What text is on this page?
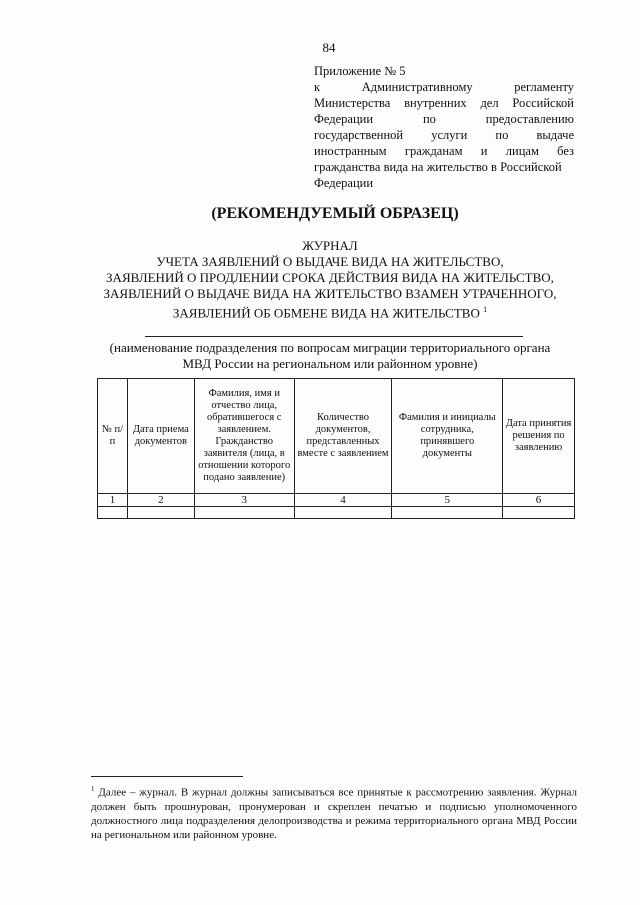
84
Приложение № 5
к Административному регламенту
Министерства внутренних дел Российской
Федерации по предоставлению
государственной услуги по выдаче
иностранным гражданам и лицам без
гражданства вида на жительство в Российской
Федерации
(РЕКОМЕНДУЕМЫЙ ОБРАЗЕЦ)
ЖУРНАЛ
УЧЕТА ЗАЯВЛЕНИЙ О ВЫДАЧЕ ВИДА НА ЖИТЕЛЬСТВО,
ЗАЯВЛЕНИЙ О ПРОДЛЕНИИ СРОКА ДЕЙСТВИЯ ВИДА НА ЖИТЕЛЬСТВО,
ЗАЯВЛЕНИЙ О ВЫДАЧЕ ВИДА НА ЖИТЕЛЬСТВО ВЗАМЕН УТРАЧЕННОГО,
ЗАЯВЛЕНИЙ ОБ ОБМЕНЕ ВИДА НА ЖИТЕЛЬСТВО $^1$
(наименование подразделения по вопросам миграции территориального органа
МВД России на региональном или районном уровне)
№ п/п	Дата приема документов	Фамилия, имя и отчество лица, обратившегося с заявлением. Гражданство заявителя (лица, в отношении которого подано заявление)	Количество документов, представленных вместе с заявлением	Фамилия и инициалы сотрудника, принявшего документы	Дата принятия решения по заявлению
1	2	3	4	5	6

$^1$ Далее – журнал. В журнал должны записываться все принятые к рассмотрению заявления. Журнал должен быть прошнурован, пронумерован и скреплен печатью и подписью уполномоченного должностного лица подразделения делопроизводства и режима территориального органа МВД России на региональном или районном уровне.
